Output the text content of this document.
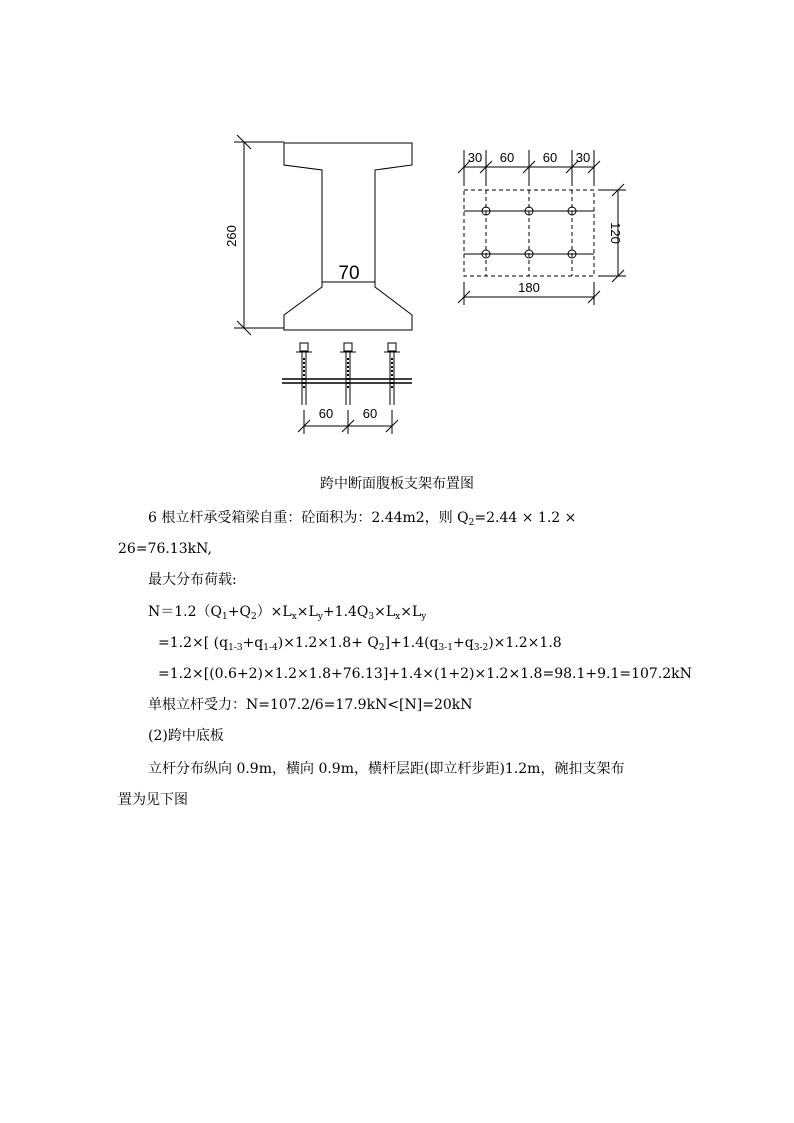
260
70
60 60
30 60 60 30
120
180
跨中断面腹板支架布置图
6 根立杆承受箱梁自重：砼面积为：2.44m2，则 $Q_2=2.44 \times 1.2$ ×
26=76.13kN,
最大分布荷载:
$N=1.2(Q_1+Q_2)\times L_x\times L_y+1.4Q_3\times L_x\times L_y$
=1.2×[ $(q_{1-3}+q_{1-4})\times 1.2\times 1.8+ Q_2]+1.4(q_{3-1}+q_{3-2})\times 1.2\times 1.8$
=1.2×[(0.6+2)×1.2×1.8+76.13]+1.4×(1+2)×1.2×1.8=98.1+9.1=107.2kN
单根立杆受力：N=107.2/6=17.9kN<[N]=20kN
(2)跨中底板
立杆分布纵向 0.9m，横向 0.9m，横杆层距(即立杆步距)1.2m，碗扣支架布
置为见下图
